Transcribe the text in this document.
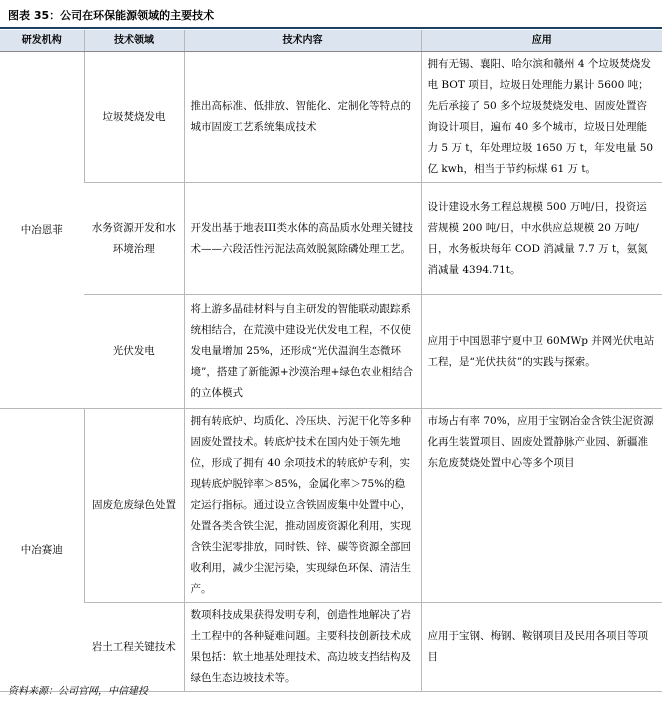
图表 35：公司在环保能源领域的主要技术
研发机构	技术领域	技术内容	应用
中冶恩菲	垃圾焚烧发电	推出高标准、低排放、智能化、定制化等特点的城市固废工艺系统集成技术	拥有无锡、襄阳、哈尔滨和赣州 4 个垃圾焚烧发电 BOT 项目，垃圾日处理能力累计 5600 吨；先后承接了 50 多个垃圾焚烧发电、固废处置咨询设计项目，遍布 40 多个城市，垃圾日处理能力 5 万 t，年处理垃圾 1650 万 t，年发电量 50 亿 kwh，相当于节约标煤 61 万 t。
	水务资源开发和水环境治理	开发出基于地表III类水体的高品质水处理关键技术——六段活性污泥法高效脱氮除磷处理工艺。	设计建设水务工程总规模 500 万吨/日，投资运营规模 200 吨/日，中水供应总规模 20 万吨/日，水务板块每年 COD 消减量 7.7 万 t，氨氮消减量 4394.71t。
	光伏发电	将上游多晶硅材料与自主研发的智能联动跟踪系统相结合，在荒漠中建设光伏发电工程，不仅使发电量增加 25%，还形成“光伏温润生态微环境”，搭建了新能源+沙漠治理+绿色农业相结合的立体模式	应用于中国恩菲宁夏中卫 60MWp 并网光伏电站工程，是“光伏扶贫”的实践与探索。
中冶赛迪	固废危废绿色处置	拥有转底炉、均质化、冷压块、污泥干化等多种固废处置技术。转底炉技术在国内处于领先地位，形成了拥有 40 余项技术的转底炉专利，实现转底炉脱锌率＞85%，金属化率＞75%的稳定运行指标。通过设立含铁固废集中处置中心，处置各类含铁尘泥，推动固废资源化利用，实现含铁尘泥零排放，同时铁、锌、碳等资源全部回收利用，减少尘泥污染，实现绿色环保、清洁生产。	市场占有率 70%，应用于宝钢冶金含铁尘泥资源化再生装置项目、固废处置静脉产业园、新疆准东危废焚烧处置中心等多个项目
	岩土工程关键技术	数项科技成果获得发明专利，创造性地解决了岩土工程中的各种疑难问题。主要科技创新技术成果包括：软土地基处理技术、高边坡支挡结构及绿色生态边坡技术等。	应用于宝钢、梅钢、鞍钢项目及民用各项目等项目
资料来源：公司官网，中信建投
